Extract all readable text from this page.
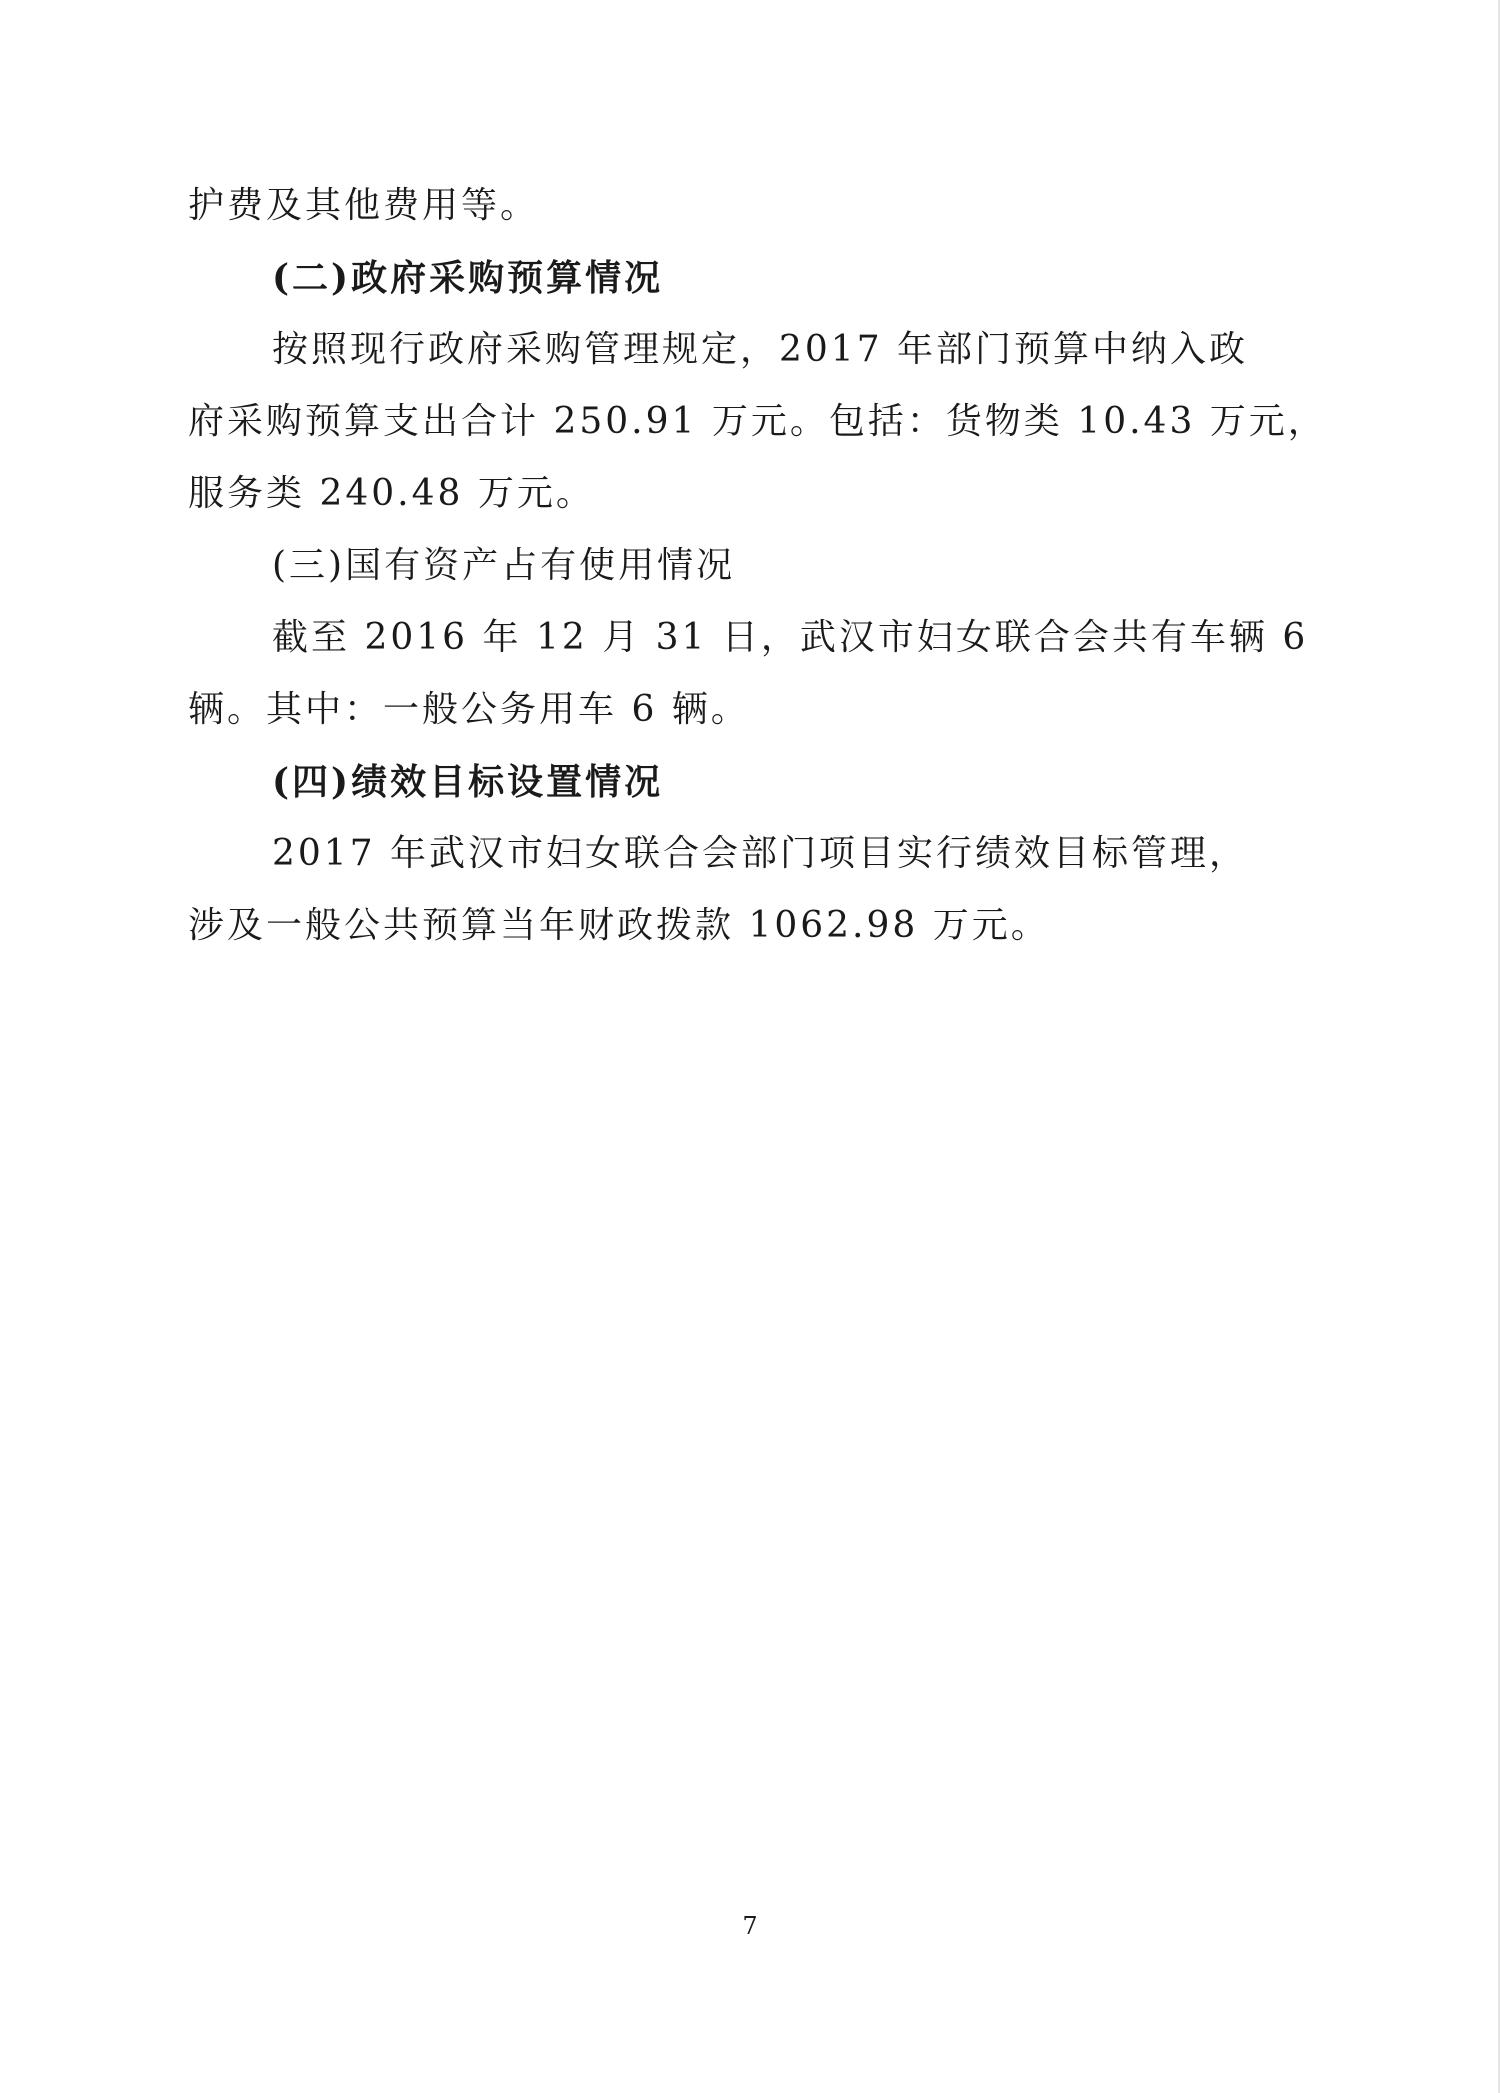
护费及其他费用等。
(二)政府采购预算情况
按照现行政府采购管理规定，2017 年部门预算中纳入政
府采购预算支出合计 250.91 万元。包括：货物类 10.43 万元，
服务类 240.48 万元。
(三)国有资产占有使用情况
截至 2016 年 12 月 31 日，武汉市妇女联合会共有车辆 6
辆。其中：一般公务用车 6 辆。
(四)绩效目标设置情况
2017 年武汉市妇女联合会部门项目实行绩效目标管理，
涉及一般公共预算当年财政拨款 1062.98 万元。
7
